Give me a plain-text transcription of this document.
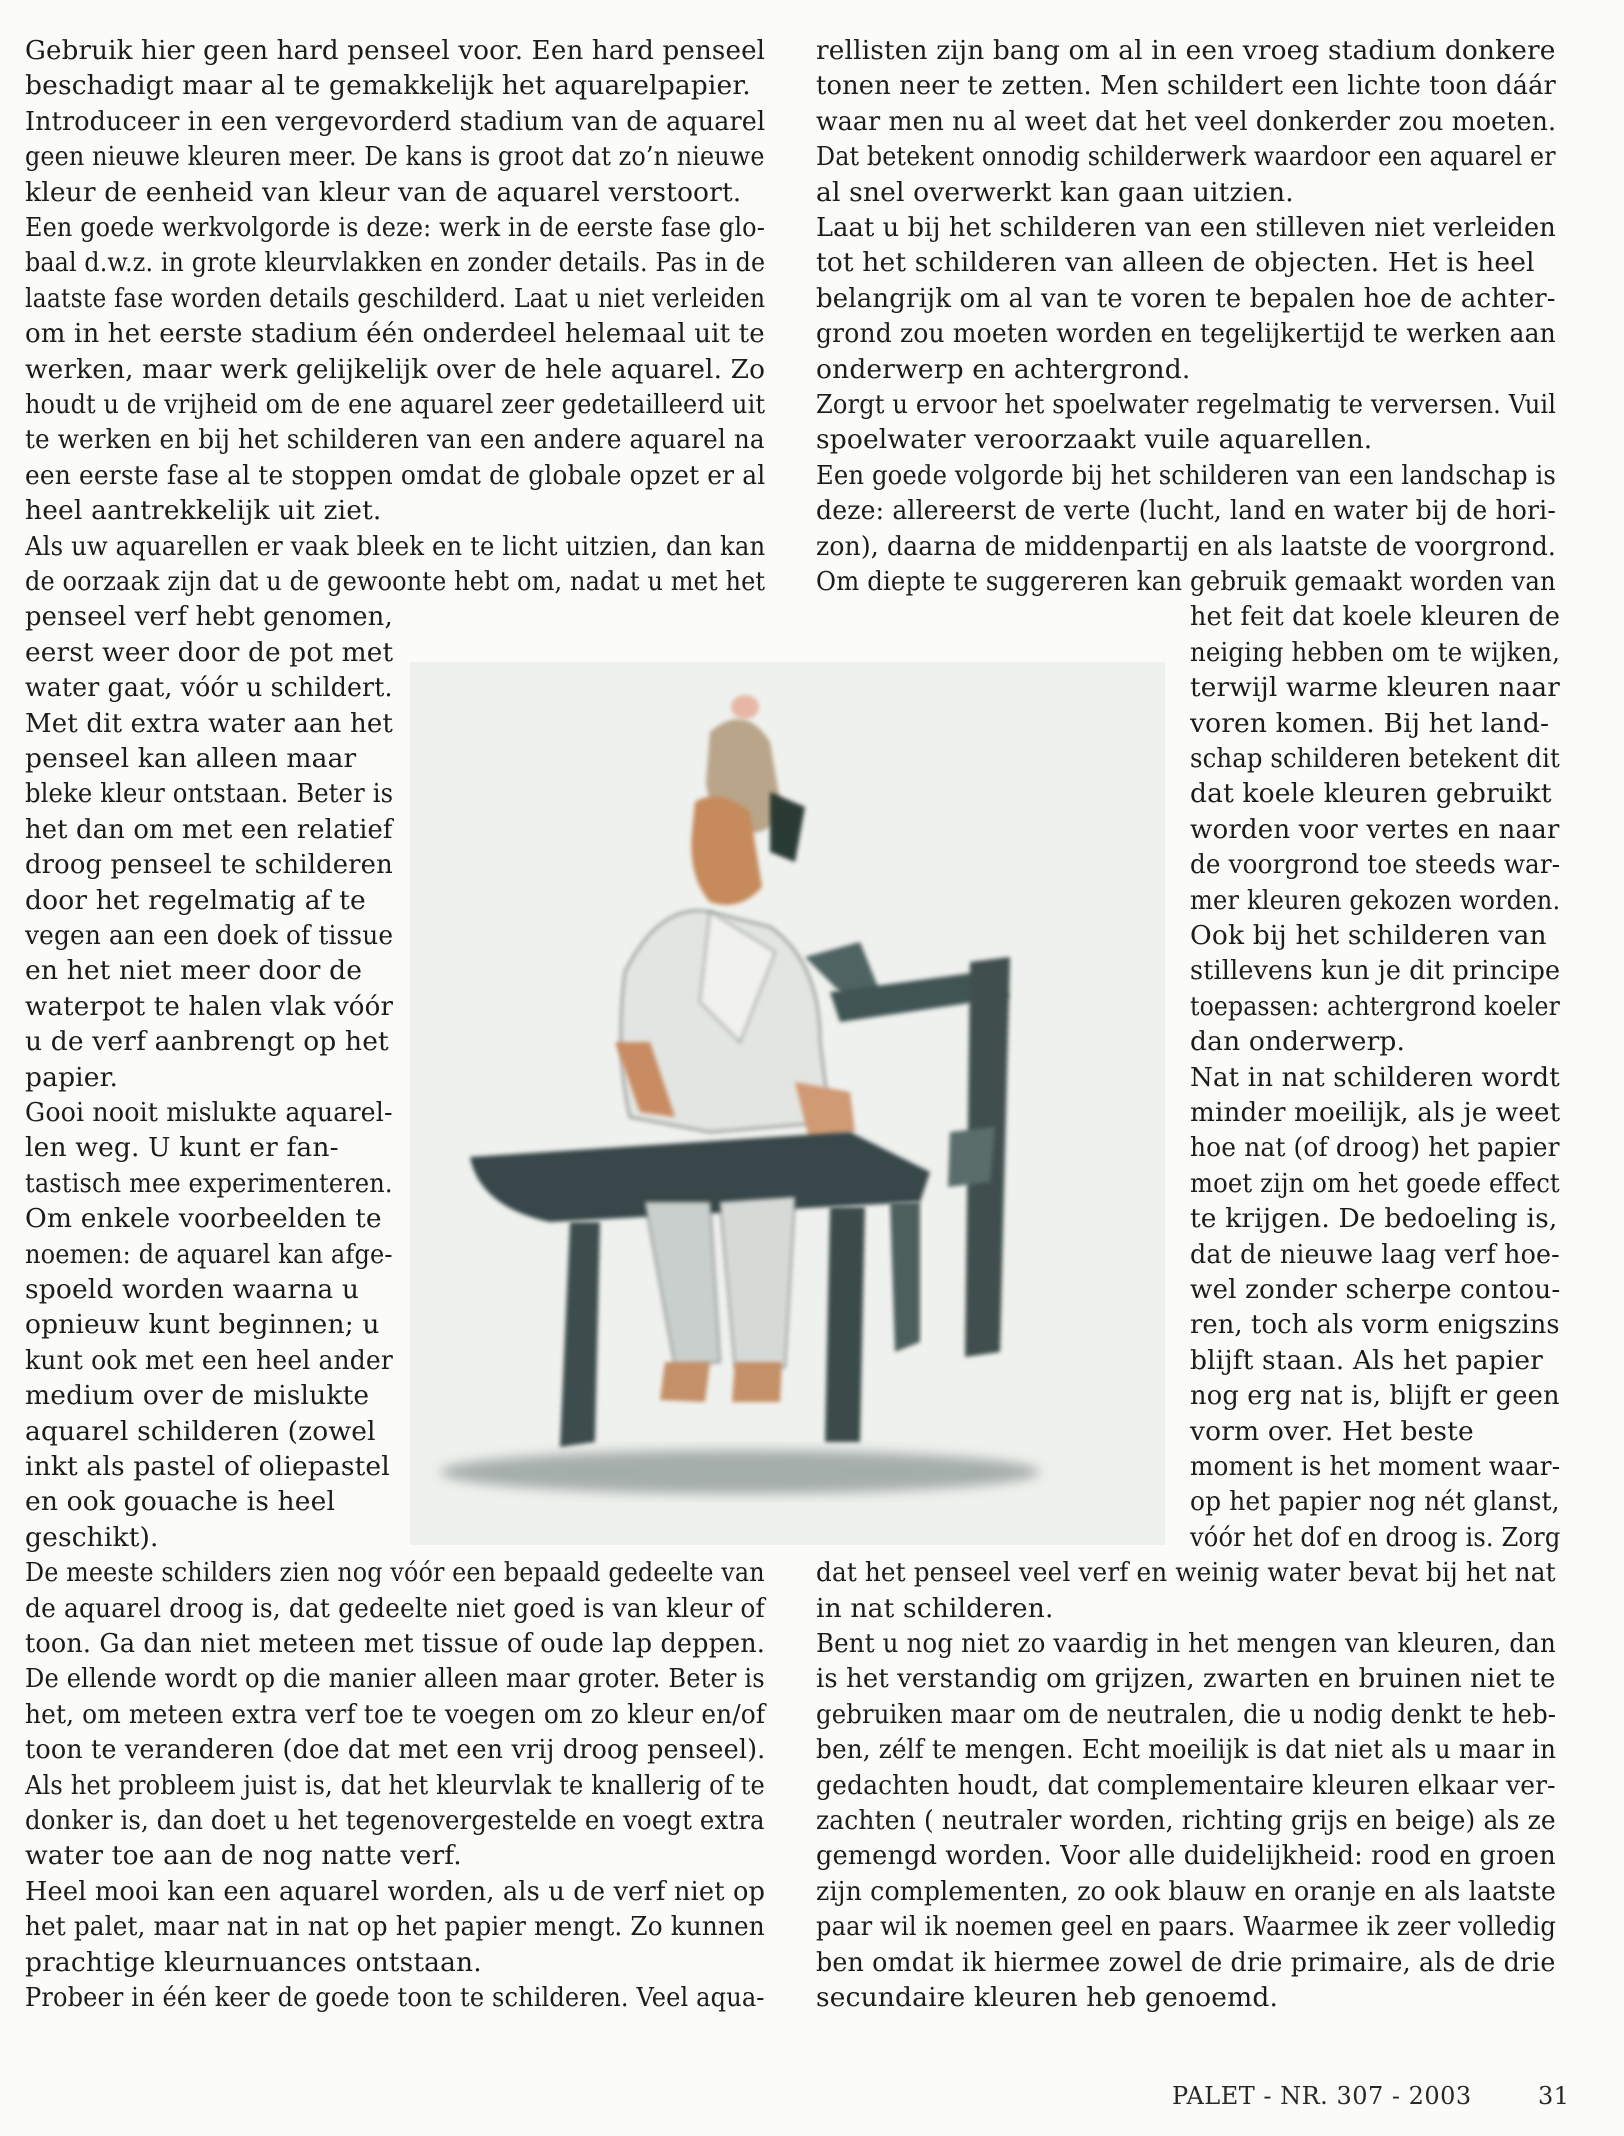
Gebruik hier geen hard penseel voor. Een hard penseel

beschadigt maar al te gemakkelijk het aquarelpapier.

Introduceer in een vergevorderd stadium van de aquarel

geen nieuwe kleuren meer. De kans is groot dat zo’n nieuwe

kleur de eenheid van kleur van de aquarel verstoort.

Een goede werkvolgorde is deze: werk in de eerste fase glo-

baal d.w.z. in grote kleurvlakken en zonder details. Pas in de

laatste fase worden details geschilderd. Laat u niet verleiden

om in het eerste stadium één onderdeel helemaal uit te

werken, maar werk gelijkelijk over de hele aquarel. Zo

houdt u de vrijheid om de ene aquarel zeer gedetailleerd uit

te werken en bij het schilderen van een andere aquarel na

een eerste fase al te stoppen omdat de globale opzet er al

heel aantrekkelijk uit ziet.

Als uw aquarellen er vaak bleek en te licht uitzien, dan kan

de oorzaak zijn dat u de gewoonte hebt om, nadat u met het

penseel verf hebt genomen,

eerst weer door de pot met

water gaat, vóór u schildert.

Met dit extra water aan het

penseel kan alleen maar

bleke kleur ontstaan. Beter is

het dan om met een relatief

droog penseel te schilderen

door het regelmatig af te

vegen aan een doek of tissue

en het niet meer door de

waterpot te halen vlak vóór

u de verf aanbrengt op het

papier.

Gooi nooit mislukte aquarel-

len weg. U kunt er fan-

tastisch mee experimenteren.

Om enkele voorbeelden te

noemen: de aquarel kan afge-

spoeld worden waarna u

opnieuw kunt beginnen; u

kunt ook met een heel ander

medium over de mislukte

aquarel schilderen (zowel

inkt als pastel of oliepastel

en ook gouache is heel

geschikt).

De meeste schilders zien nog vóór een bepaald gedeelte van

de aquarel droog is, dat gedeelte niet goed is van kleur of

toon. Ga dan niet meteen met tissue of oude lap deppen.

De ellende wordt op die manier alleen maar groter. Beter is

het, om meteen extra verf toe te voegen om zo kleur en/of

toon te veranderen (doe dat met een vrij droog penseel).

Als het probleem juist is, dat het kleurvlak te knallerig of te

donker is, dan doet u het tegenovergestelde en voegt extra

water toe aan de nog natte verf.

Heel mooi kan een aquarel worden, als u de verf niet op

het palet, maar nat in nat op het papier mengt. Zo kunnen

prachtige kleurnuances ontstaan.

Probeer in één keer de goede toon te schilderen. Veel aqua-

rellisten zijn bang om al in een vroeg stadium donkere

tonen neer te zetten. Men schildert een lichte toon dáár

waar men nu al weet dat het veel donkerder zou moeten.

Dat betekent onnodig schilderwerk waardoor een aquarel er

al snel overwerkt kan gaan uitzien.

Laat u bij het schilderen van een stilleven niet verleiden

tot het schilderen van alleen de objecten. Het is heel

belangrijk om al van te voren te bepalen hoe de achter-

grond zou moeten worden en tegelijkertijd te werken aan

onderwerp en achtergrond.

Zorgt u ervoor het spoelwater regelmatig te verversen. Vuil

spoelwater veroorzaakt vuile aquarellen.

Een goede volgorde bij het schilderen van een landschap is

deze: allereerst de verte (lucht, land en water bij de hori-

zon), daarna de middenpartij en als laatste de voorgrond.

Om diepte te suggereren kan gebruik gemaakt worden van

het feit dat koele kleuren de

neiging hebben om te wijken,

terwijl warme kleuren naar

voren komen. Bij het land-

schap schilderen betekent dit

dat koele kleuren gebruikt

worden voor vertes en naar

de voorgrond toe steeds war-

mer kleuren gekozen worden.

Ook bij het schilderen van

stillevens kun je dit principe

toepassen: achtergrond koeler

dan onderwerp.

Nat in nat schilderen wordt

minder moeilijk, als je weet

hoe nat (of droog) het papier

moet zijn om het goede effect

te krijgen. De bedoeling is,

dat de nieuwe laag verf hoe-

wel zonder scherpe contou-

ren, toch als vorm enigszins

blijft staan. Als het papier

nog erg nat is, blijft er geen

vorm over. Het beste

moment is het moment waar-

op het papier nog nét glanst,

vóór het dof en droog is. Zorg

dat het penseel veel verf en weinig water bevat bij het nat

in nat schilderen.

Bent u nog niet zo vaardig in het mengen van kleuren, dan

is het verstandig om grijzen, zwarten en bruinen niet te

gebruiken maar om de neutralen, die u nodig denkt te heb-

ben, zélf te mengen. Echt moeilijk is dat niet als u maar in

gedachten houdt, dat complementaire kleuren elkaar ver-

zachten ( neutraler worden, richting grijs en beige) als ze

gemengd worden. Voor alle duidelijkheid: rood en groen

zijn complementen, zo ook blauw en oranje en als laatste

paar wil ik noemen geel en paars. Waarmee ik zeer volledig

ben omdat ik hiermee zowel de drie primaire, als de drie

secundaire kleuren heb genoemd.

PALET - NR. 307 - 2003	31
